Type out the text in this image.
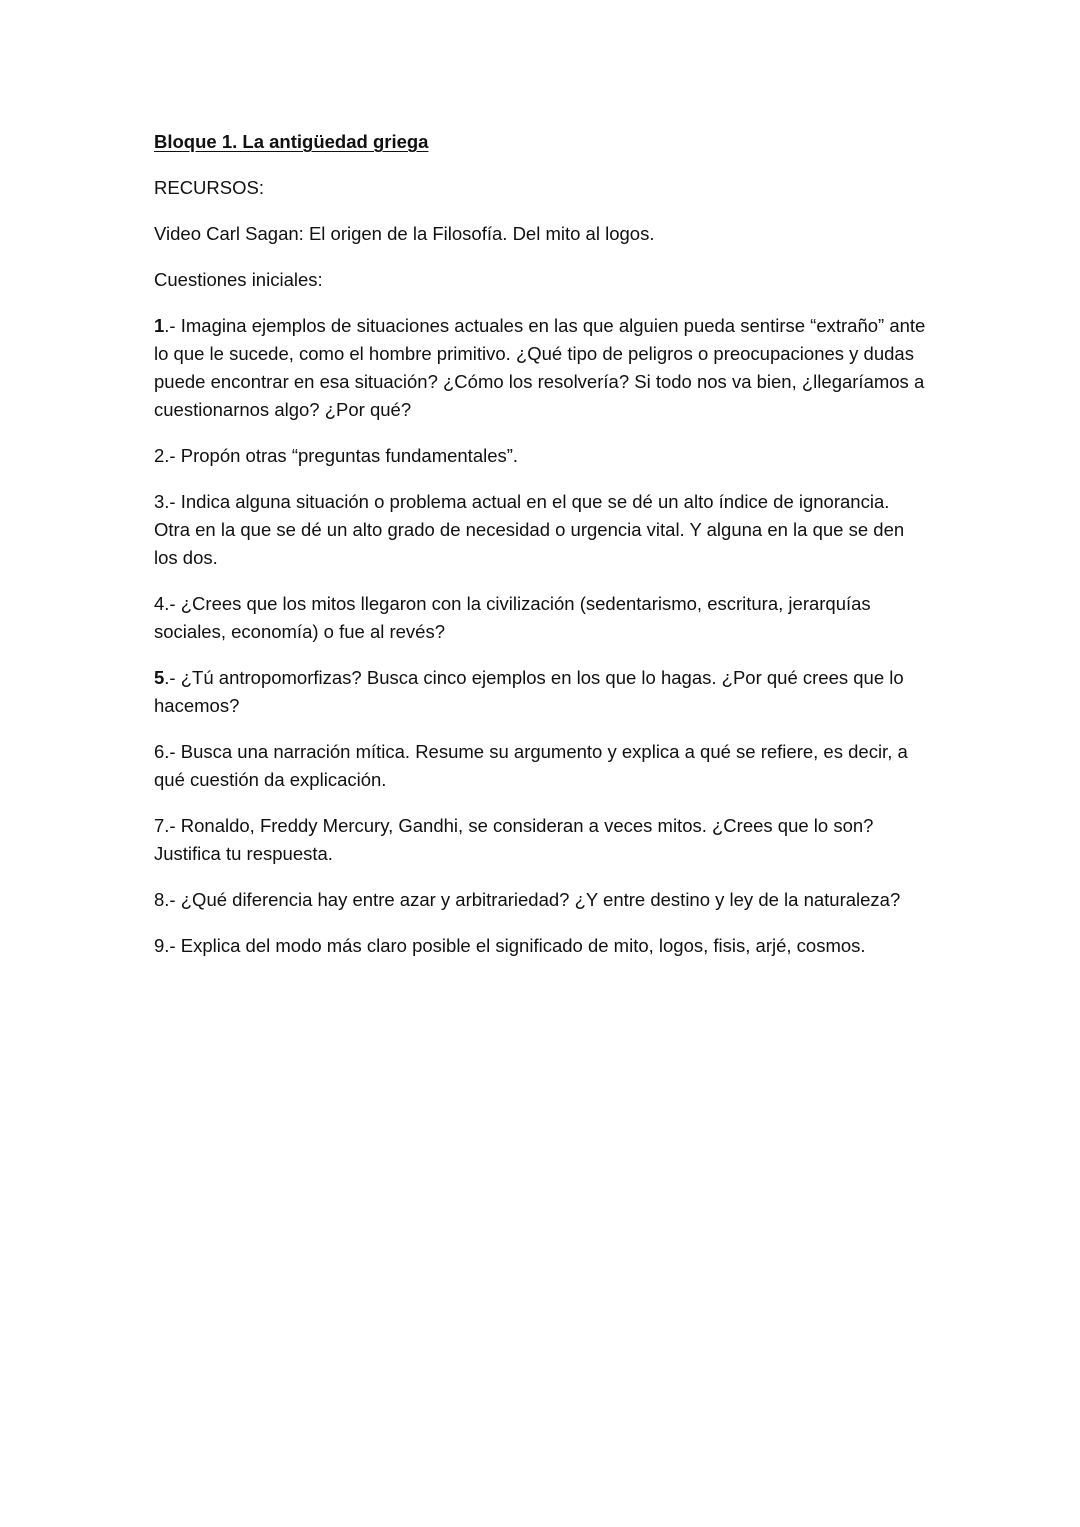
Bloque 1. La antigüedad griega

RECURSOS:

Video Carl Sagan: El origen de la Filosofía. Del mito al logos.

Cuestiones iniciales:

1.- Imagina ejemplos de situaciones actuales en las que alguien pueda sentirse “extraño” ante lo que le sucede, como el hombre primitivo. ¿Qué tipo de peligros o preocupaciones y dudas puede encontrar en esa situación? ¿Cómo los resolvería? Si todo nos va bien, ¿llegaríamos a cuestionarnos algo? ¿Por qué?

2.- Propón otras “preguntas fundamentales”.

3.- Indica alguna situación o problema actual en el que se dé un alto índice de ignorancia. Otra en la que se dé un alto grado de necesidad o urgencia vital. Y alguna en la que se den los dos.

4.- ¿Crees que los mitos llegaron con la civilización (sedentarismo, escritura, jerarquías sociales, economía) o fue al revés?

5.- ¿Tú antropomorfizas? Busca cinco ejemplos en los que lo hagas. ¿Por qué crees que lo hacemos?

6.- Busca una narración mítica. Resume su argumento y explica a qué se refiere, es decir, a qué cuestión da explicación.

7.- Ronaldo, Freddy Mercury, Gandhi, se consideran a veces mitos. ¿Crees que lo son? Justifica tu respuesta.

8.- ¿Qué diferencia hay entre azar y arbitrariedad? ¿Y entre destino y ley de la naturaleza?

9.- Explica del modo más claro posible el significado de mito, logos, fisis, arjé, cosmos.
